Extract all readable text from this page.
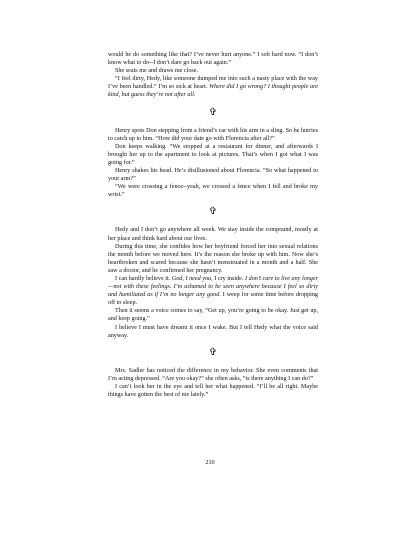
would he do something like that? I’ve never hurt anyone.” I sob hard now. “I don’t know what to do--I don’t dare go back out again.”

She seats me and draws me close.

“I feel dirty, Hedy, like someone dumped me into such a nasty place with the way I’ve been handled.” I’m so sick at heart. Where did I go wrong? I thought people are kind, but guess they’re not after all.

✞

Henry spots Don stepping from a friend’s car with his arm in a sling. So he hurries to catch up to him. “How did your date go with Florencia after all?”

Don keeps walking. “We stopped at a restaurant for dinner, and afterwards I brought her up to the apartment to look at pictures. That’s when I got what I was going for.”

Henry shakes his head. He’s disillusioned about Florencia. “So what happened to your arm?”

“We were crossing a fence--yeah, we crossed a fence when I fell and broke my wrist.”

✞

Hedy and I don’t go anywhere all week. We stay inside the compound, mostly at her place and think hard about our lives.

During this time, she confides how her boyfriend forced her into sexual relations the month before we moved here. It’s the reason she broke up with him. Now she’s heartbroken and scared because she hasn’t menstruated in a month and a half. She saw a doctor, and he confirmed her pregnancy.

I can hardly believe it. God, I need you, I cry inside. I don’t care to live any longer—not with these feelings. I’m ashamed to be seen anywhere because I feel so dirty and humiliated as if I’m no longer any good. I weep for some time before dropping off to sleep.

Then it seems a voice comes to say, “Get up, you’re going to be okay. Just get up, and keep going.”

I believe I must have dreamt it once I wake. But I tell Hedy what the voice said anyway.

✞

Mrs. Sadler has noticed the difference in my behavior. She even comments that I’m acting depressed. “Are you okay?” she often asks, “is there anything I can do?”

I can’t look her in the eye and tell her what happened. “I’ll be all right. Maybe things have gotten the best of me lately.”

210
